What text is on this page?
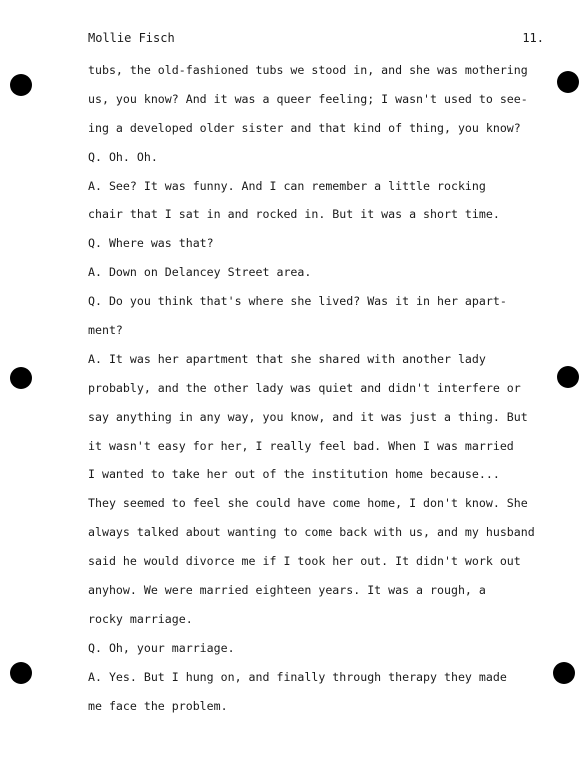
Mollie Fisch	11.
tubs, the old-fashioned tubs we stood in, and she was mothering
us, you know? And it was a queer feeling; I wasn't used to see-
ing a developed older sister and that kind of thing, you know?
Q. Oh. Oh.
A. See? It was funny. And I can remember a little rocking
chair that I sat in and rocked in. But it was a short time.
Q. Where was that?
A. Down on Delancey Street area.
Q. Do you think that's where she lived? Was it in her apart-
ment?
A. It was her apartment that she shared with another lady
probably, and the other lady was quiet and didn't interfere or
say anything in any way, you know, and it was just a thing. But
it wasn't easy for her, I really feel bad. When I was married
I wanted to take her out of the institution home because...
They seemed to feel she could have come home, I don't know. She
always talked about wanting to come back with us, and my husband
said he would divorce me if I took her out. It didn't work out
anyhow. We were married eighteen years. It was a rough, a
rocky marriage.
Q. Oh, your marriage.
A. Yes. But I hung on, and finally through therapy they made
me face the problem.
